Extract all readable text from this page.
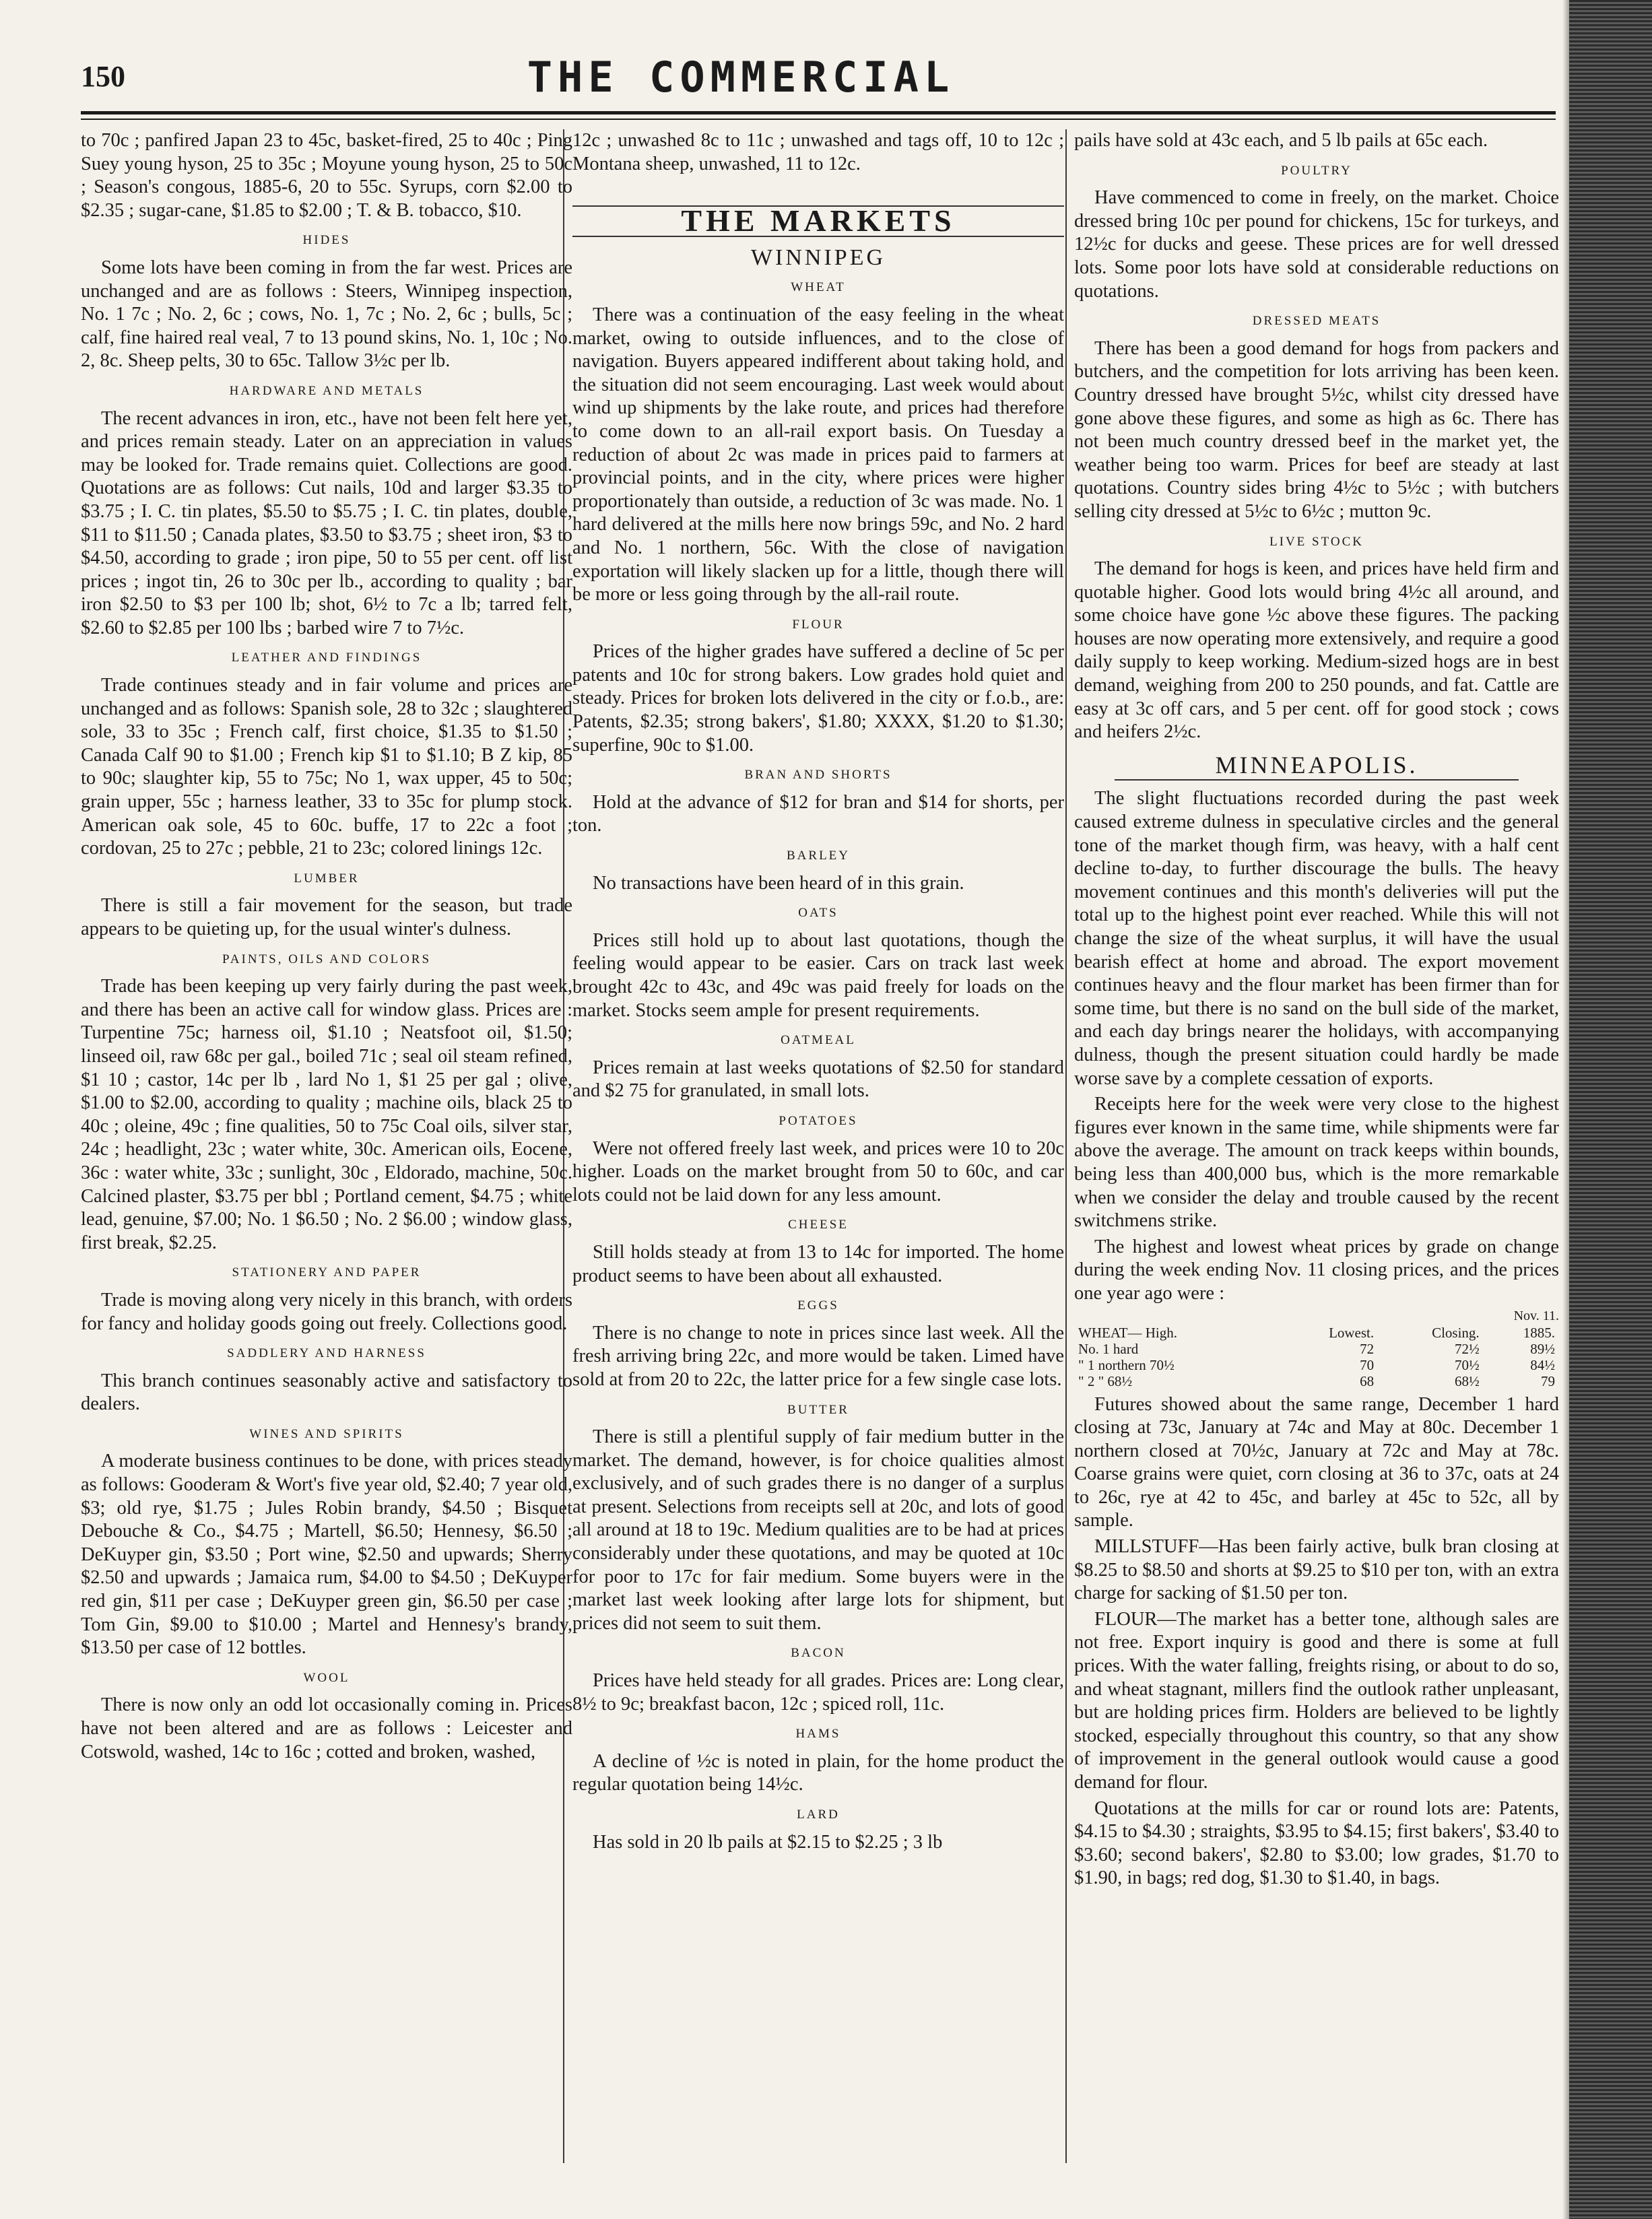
150	THE COMMERCIAL

to 70c ; panfired Japan 23 to 45c, basket-fired, 25 to 40c ; Ping Suey young hyson, 25 to 35c ; Moyune young hyson, 25 to 50c ; Season's congous, 1885-6, 20 to 55c. Syrups, corn $2.00 to $2.35 ; sugar-cane, $1.85 to $2.00 ; T. & B. tobacco, $10.

HIDES

Some lots have been coming in from the far west. Prices are unchanged and are as follows : Steers, Winnipeg inspection, No. 1 7c ; No. 2, 6c ; cows, No. 1, 7c ; No. 2, 6c ; bulls, 5c ; calf, fine haired real veal, 7 to 13 pound skins, No. 1, 10c ; No. 2, 8c. Sheep pelts, 30 to 65c. Tallow 3½c per lb.

HARDWARE AND METALS

The recent advances in iron, etc., have not been felt here yet, and prices remain steady. Later on an appreciation in values may be looked for. Trade remains quiet. Collections are good. Quotations are as follows: Cut nails, 10d and larger $3.35 to $3.75 ; I. C. tin plates, $5.50 to $5.75 ; I. C. tin plates, double, $11 to $11.50 ; Canada plates, $3.50 to $3.75 ; sheet iron, $3 to $4.50, according to grade ; iron pipe, 50 to 55 per cent. off list prices ; ingot tin, 26 to 30c per lb., according to quality ; bar iron $2.50 to $3 per 100 lb; shot, 6½ to 7c a lb; tarred felt, $2.60 to $2.85 per 100 lbs ; barbed wire 7 to 7½c.

LEATHER AND FINDINGS

Trade continues steady and in fair volume and prices are unchanged and as follows: Spanish sole, 28 to 32c ; slaughtered sole, 33 to 35c ; French calf, first choice, $1.35 to $1.50 ; Canada Calf 90 to $1.00 ; French kip $1 to $1.10; B Z kip, 85 to 90c; slaughter kip, 55 to 75c; No 1, wax upper, 45 to 50c; grain upper, 55c ; harness leather, 33 to 35c for plump stock. American oak sole, 45 to 60c. buffe, 17 to 22c a foot ; cordovan, 25 to 27c ; pebble, 21 to 23c; colored linings 12c.

LUMBER

There is still a fair movement for the season, but trade appears to be quieting up, for the usual winter's dulness.

PAINTS, OILS AND COLORS

Trade has been keeping up very fairly during the past week, and there has been an active call for window glass. Prices are : Turpentine 75c; harness oil, $1.10 ; Neatsfoot oil, $1.50; linseed oil, raw 68c per gal., boiled 71c ; seal oil steam refined, $1 10 ; castor, 14c per lb , lard No 1, $1 25 per gal ; olive, $1.00 to $2.00, according to quality ; machine oils, black 25 to 40c ; oleine, 49c ; fine qualities, 50 to 75c Coal oils, silver star, 24c ; headlight, 23c ; water white, 30c. American oils, Eocene, 36c : water white, 33c ; sunlight, 30c , Eldorado, machine, 50c. Calcined plaster, $3.75 per bbl ; Portland cement, $4.75 ; white lead, genuine, $7.00; No. 1 $6.50 ; No. 2 $6.00 ; window glass, first break, $2.25.

STATIONERY AND PAPER

Trade is moving along very nicely in this branch, with orders for fancy and holiday goods going out freely. Collections good.

SADDLERY AND HARNESS

This branch continues seasonably active and satisfactory to dealers.

WINES AND SPIRITS

A moderate business continues to be done, with prices steady as follows: Gooderam & Wort's five year old, $2.40; 7 year old, $3; old rye, $1.75 ; Jules Robin brandy, $4.50 ; Bisquet Debouche & Co., $4.75 ; Martell, $6.50; Hennesy, $6.50 ; DeKuyper gin, $3.50 ; Port wine, $2.50 and upwards; Sherry $2.50 and upwards ; Jamaica rum, $4.00 to $4.50 ; DeKuyper red gin, $11 per case ; DeKuyper green gin, $6.50 per case ; Tom Gin, $9.00 to $10.00 ; Martel and Hennesy's brandy, $13.50 per case of 12 bottles.

WOOL

There is now only an odd lot occasionally coming in. Prices have not been altered and are as follows : Leicester and Cotswold, washed, 14c to 16c ; cotted and broken, washed,

12c ; unwashed 8c to 11c ; unwashed and tags off, 10 to 12c ; Montana sheep, unwashed, 11 to 12c.

THE MARKETS
WINNIPEG
WHEAT

There was a continuation of the easy feeling in the wheat market, owing to outside influences, and to the close of navigation. Buyers appeared indifferent about taking hold, and the situation did not seem encouraging. Last week would about wind up shipments by the lake route, and prices had therefore to come down to an all-rail export basis. On Tuesday a reduction of about 2c was made in prices paid to farmers at provincial points, and in the city, where prices were higher proportionately than outside, a reduction of 3c was made. No. 1 hard delivered at the mills here now brings 59c, and No. 2 hard and No. 1 northern, 56c. With the close of navigation exportation will likely slacken up for a little, though there will be more or less going through by the all-rail route.

FLOUR

Prices of the higher grades have suffered a decline of 5c per patents and 10c for strong bakers. Low grades hold quiet and steady. Prices for broken lots delivered in the city or f.o.b., are: Patents, $2.35; strong bakers', $1.80; XXXX, $1.20 to $1.30; superfine, 90c to $1.00.

BRAN AND SHORTS

Hold at the advance of $12 for bran and $14 for shorts, per ton.

BARLEY

No transactions have been heard of in this grain.

OATS

Prices still hold up to about last quotations, though the feeling would appear to be easier. Cars on track last week brought 42c to 43c, and 49c was paid freely for loads on the market. Stocks seem ample for present requirements.

OATMEAL

Prices remain at last weeks quotations of $2.50 for standard and $2 75 for granulated, in small lots.

POTATOES

Were not offered freely last week, and prices were 10 to 20c higher. Loads on the market brought from 50 to 60c, and car lots could not be laid down for any less amount.

CHEESE

Still holds steady at from 13 to 14c for imported. The home product seems to have been about all exhausted.

EGGS

There is no change to note in prices since last week. All the fresh arriving bring 22c, and more would be taken. Limed have sold at from 20 to 22c, the latter price for a few single case lots.

BUTTER

There is still a plentiful supply of fair medium butter in the market. The demand, however, is for choice qualities almost exclusively, and of such grades there is no danger of a surplus at present. Selections from receipts sell at 20c, and lots of good all around at 18 to 19c. Medium qualities are to be had at prices considerably under these quotations, and may be quoted at 10c for poor to 17c for fair medium. Some buyers were in the market last week looking after large lots for shipment, but prices did not seem to suit them.

BACON

Prices have held steady for all grades. Prices are: Long clear, 8½ to 9c; breakfast bacon, 12c ; spiced roll, 11c.

HAMS

A decline of ½c is noted in plain, for the home product the regular quotation being 14½c.

LARD

Has sold in 20 lb pails at $2.15 to $2.25 ; 3 lb

pails have sold at 43c each, and 5 lb pails at 65c each.

POULTRY

Have commenced to come in freely, on the market. Choice dressed bring 10c per pound for chickens, 15c for turkeys, and 12½c for ducks and geese. These prices are for well dressed lots. Some poor lots have sold at considerable reductions on quotations.

DRESSED MEATS

There has been a good demand for hogs from packers and butchers, and the competition for lots arriving has been keen. Country dressed have brought 5½c, whilst city dressed have gone above these figures, and some as high as 6c. There has not been much country dressed beef in the market yet, the weather being too warm. Prices for beef are steady at last quotations. Country sides bring 4½c to 5½c ; with butchers selling city dressed at 5½c to 6½c ; mutton 9c.

LIVE STOCK

The demand for hogs is keen, and prices have held firm and quotable higher. Good lots would bring 4½c all around, and some choice have gone ½c above these figures. The packing houses are now operating more extensively, and require a good daily supply to keep working. Medium-sized hogs are in best demand, weighing from 200 to 250 pounds, and fat. Cattle are easy at 3c off cars, and 5 per cent. off for good stock ; cows and heifers 2½c.

MINNEAPOLIS.

The slight fluctuations recorded during the past week caused extreme dulness in speculative circles and the general tone of the market though firm, was heavy, with a half cent decline to-day, to further discourage the bulls. The heavy movement continues and this month's deliveries will put the total up to the highest point ever reached. While this will not change the size of the wheat surplus, it will have the usual bearish effect at home and abroad. The export movement continues heavy and the flour market has been firmer than for some time, but there is no sand on the bull side of the market, and each day brings nearer the holidays, with accompanying dulness, though the present situation could hardly be made worse save by a complete cessation of exports.

Receipts here for the week were very close to the highest figures ever known in the same time, while shipments were far above the average. The amount on track keeps within bounds, being less than 400,000 bus, which is the more remarkable when we consider the delay and trouble caused by the recent switchmens strike.

The highest and lowest wheat prices by grade on change during the week ending Nov. 11 closing prices, and the prices one year ago were :

Nov. 11.
WHEAT— High.	Lowest.	Closing.	1885.
No. 1 hard	72	72½	89½
" 1 northern 70½	70	70½	84½
" 2 " 68½	68	68½	79

Futures showed about the same range, December 1 hard closing at 73c, January at 74c and May at 80c. December 1 northern closed at 70½c, January at 72c and May at 78c. Coarse grains were quiet, corn closing at 36 to 37c, oats at 24 to 26c, rye at 42 to 45c, and barley at 45c to 52c, all by sample.

MILLSTUFF—Has been fairly active, bulk bran closing at $8.25 to $8.50 and shorts at $9.25 to $10 per ton, with an extra charge for sacking of $1.50 per ton.

FLOUR—The market has a better tone, although sales are not free. Export inquiry is good and there is some at full prices. With the water falling, freights rising, or about to do so, and wheat stagnant, millers find the outlook rather unpleasant, but are holding prices firm. Holders are believed to be lightly stocked, especially throughout this country, so that any show of improvement in the general outlook would cause a good demand for flour.

Quotations at the mills for car or round lots are: Patents, $4.15 to $4.30 ; straights, $3.95 to $4.15; first bakers', $3.40 to $3.60; second bakers', $2.80 to $3.00; low grades, $1.70 to $1.90, in bags; red dog, $1.30 to $1.40, in bags.
